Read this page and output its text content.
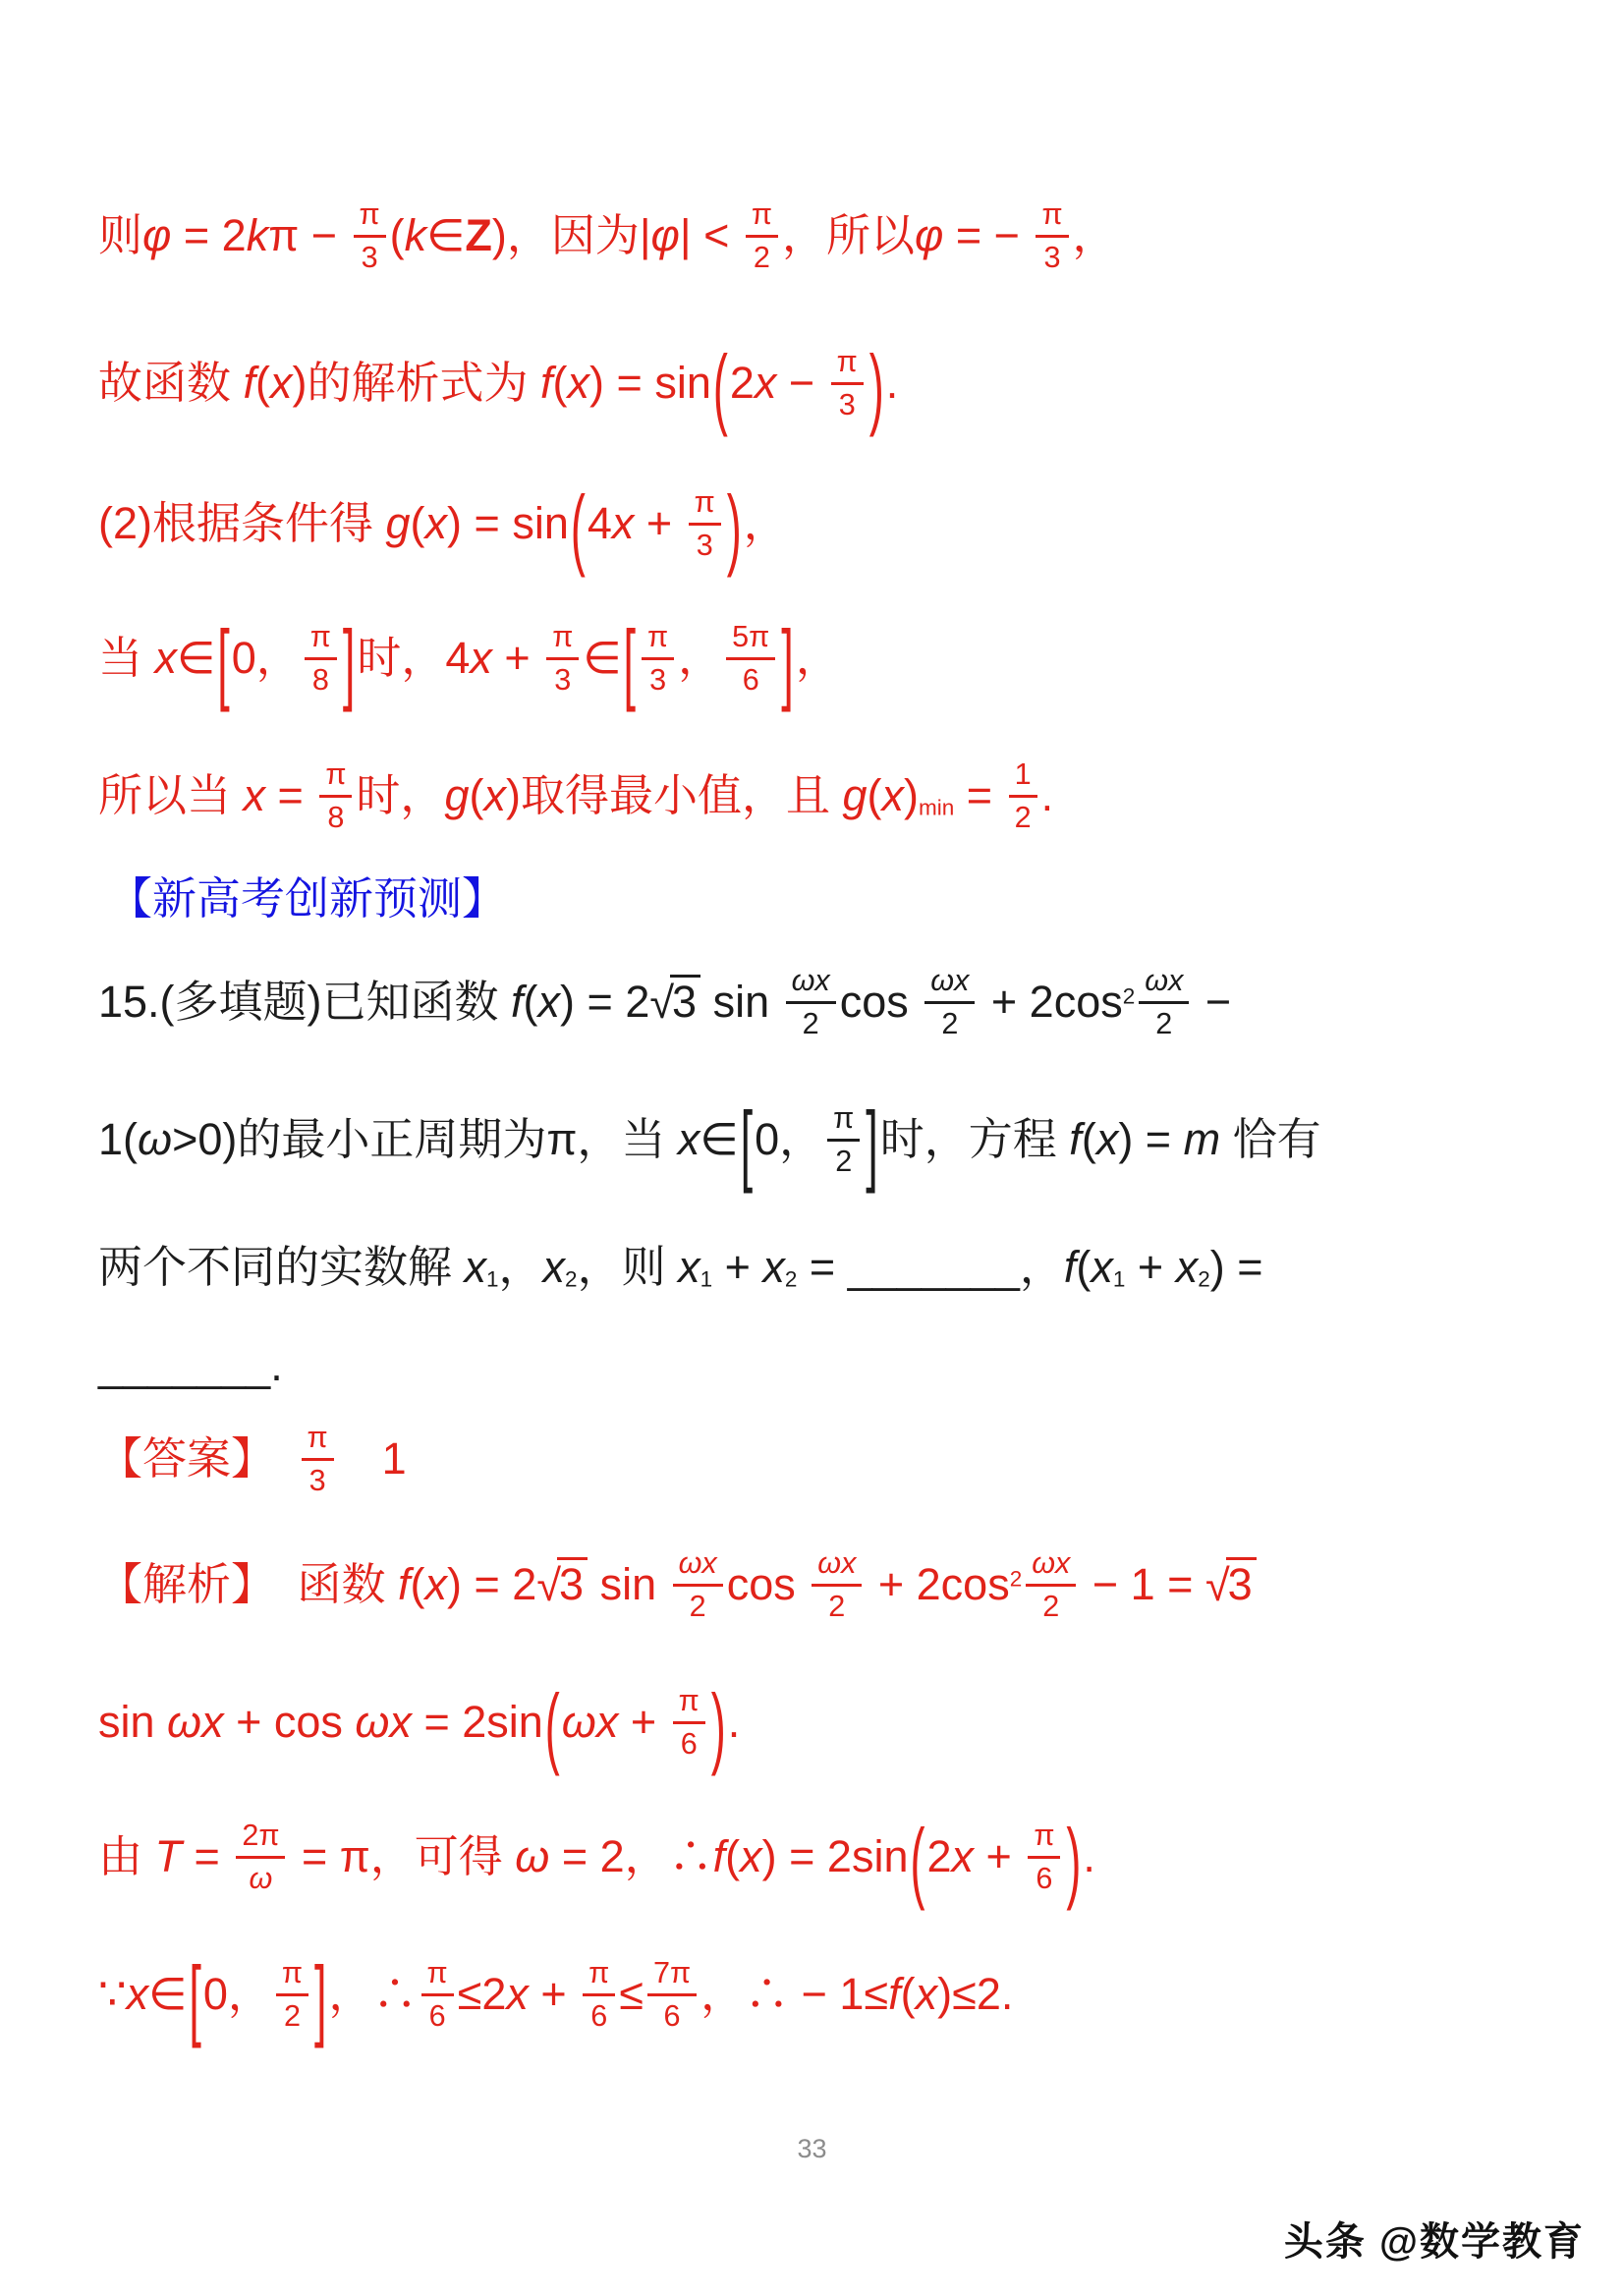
则$\varphi = 2k\pi - \frac{\pi}{3}$ (k∈Z)，因为$|\varphi| < \frac{\pi}{2}$ ，所以φ = − $\frac{\pi}{3}$ ，
故函数 f(x)的解析式为 $f(x) = \sin(2x - \frac{\pi}{3}$ ).
(2)根据条件得 $g(x) = \sin(4x + \frac{\pi}{3}$ )，
当 x∈[0， $\frac{\pi}{8}$ ]时，$4x + \frac{\pi}{3}$ ∈[ $\frac{\pi}{3}$ ， $\frac{5\pi}{6}$ ]，
所以当 $x = \frac{\pi}{8}$ 时，g(x)取得最小值，且 $g(x)_{min} = \frac{1}{2}$ .
【新高考创新预测】
15.(多填题)已知函数 f(x) = 2√3 $\sin \frac{\omega x}{2}$ $\cos \frac{\omega x}{2} + 2\cos^2 \frac{\omega x}{2}$ −
1(ω>0)的最小正周期为π，当 x∈[0， $\frac{\pi}{2}$ ]时，方程 f(x) = m 恰有
两个不同的实数解 $x_1$，$x_2$，则 $x_1 + x_2$ = _______，$f(x_1 + x_2)$ =
_______.
【答案】　 $\frac{\pi}{3}$ 　1
【解析】　函数 f(x) = 2√3 $\sin \frac{\omega x}{2}$ $\cos \frac{\omega x}{2} + 2\cos^2 \frac{\omega x}{2} - 1 = √3$
$\sin \omega x + \cos \omega x = 2\sin(\omega x + \frac{\pi}{6}$ ).
由 $T = \frac{2\pi}{\omega} = \pi$，可得 ω = 2，∴f(x) = $2\sin(2x + \frac{\pi}{6}$ ).
∵x∈[0， $\frac{\pi}{2}$ ]，∴ $\frac{\pi}{6} \le 2x + \frac{\pi}{6} \le \frac{7\pi}{6}$ ，∴ − 1≤f(x)≤2.
33
头条 @数学教育
